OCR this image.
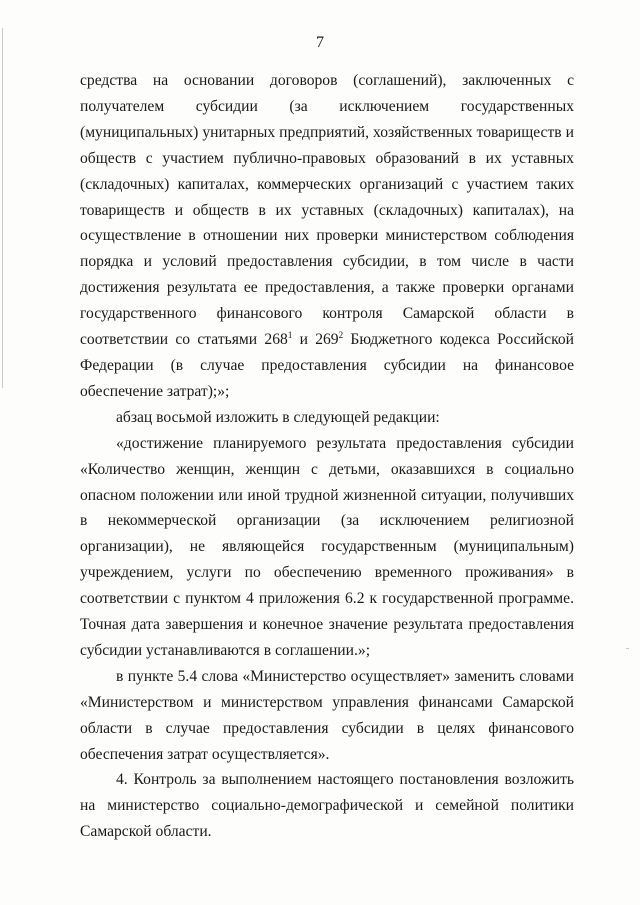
7

средства на основании договоров (соглашений), заключенных с получателем субсидии (за исключением государственных (муниципальных) унитарных предприятий, хозяйственных товариществ и обществ с участием публично-правовых образований в их уставных (складочных) капиталах, коммерческих организаций с участием таких товариществ и обществ в их уставных (складочных) капиталах), на осуществление в отношении них проверки министерством соблюдения порядка и условий предоставления субсидии, в том числе в части достижения результата ее предоставления, а также проверки органами государственного финансового контроля Самарской области в соответствии со статьями $268^1$ и $269^2$ Бюджетного кодекса Российской Федерации (в случае предоставления субсидии на финансовое обеспечение затрат);»;

абзац восьмой изложить в следующей редакции:

«достижение планируемого результата предоставления субсидии «Количество женщин, женщин с детьми, оказавшихся в социально опасном положении или иной трудной жизненной ситуации, получивших в некоммерческой организации (за исключением религиозной организации), не являющейся государственным (муниципальным) учреждением, услуги по обеспечению временного проживания» в соответствии с пунктом 4 приложения 6.2 к государственной программе. Точная дата завершения и конечное значение результата предоставления субсидии устанавливаются в соглашении.»;

в пункте 5.4 слова «Министерство осуществляет» заменить словами «Министерством и министерством управления финансами Самарской области в случае предоставления субсидии в целях финансового обеспечения затрат осуществляется».

4. Контроль за выполнением настоящего постановления возложить на министерство социально-демографической и семейной политики Самарской области.
